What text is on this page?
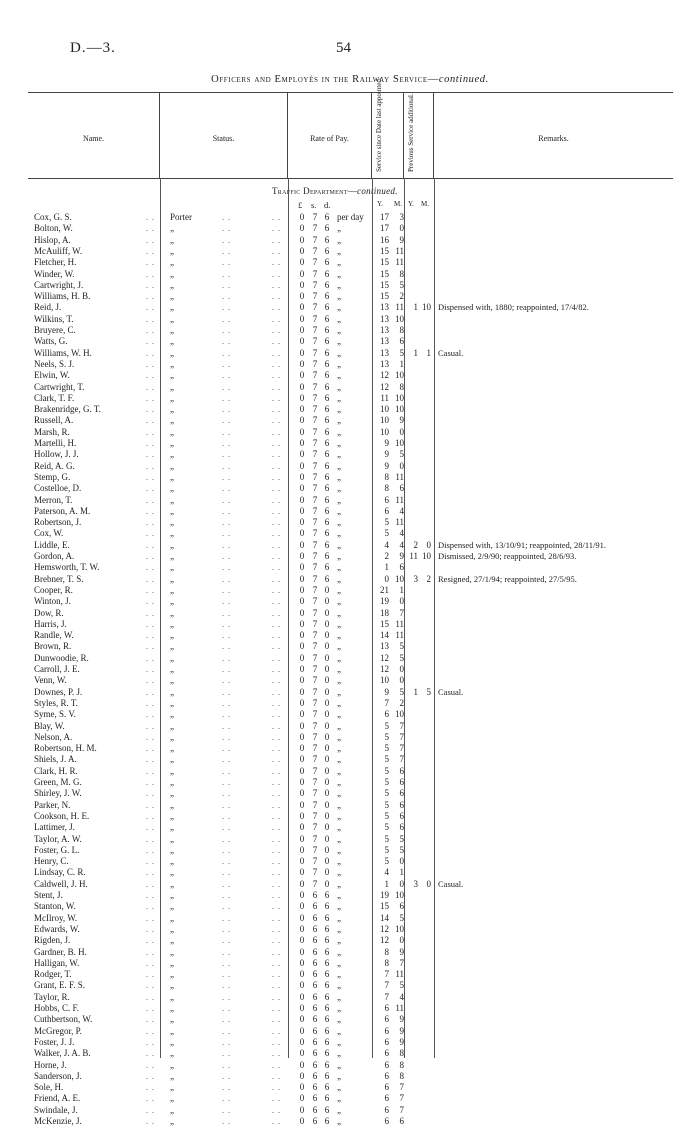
D.—3.	54
Officers and Employés in the Railway Service—continued.
Name.	Status.	Rate of Pay.	Service since Date last appointed.	Previous Service additional.	Remarks.
Traffic Department—continued.
£ s. d.	Y. M. Y. M.
Cox, G. S.	. . Porter	. .	. . 0 7 6 per day	17	3
Bolton, W.	. . „	. .	. . 0 7 6 „	17	0
Hislop, A.	. . „	. .	. . 0 7 6 „	16	9
McAuliff, W.	. . „	. .	. . 0 7 6 „	15 11
Fletcher, H.	. . „	. .	. . 0 7 6 „	15 11
Winder, W.	. . „	. .	. . 0 7 6 „	15	8
Cartwright, J.	. . „	. .	. . 0 7 6 „	15	5
Williams, H. B.	. . „	. .	. . 0 7 6 „	15	2
Reid, J.	. . „	. .	. . 0 7 6 „	13 11	1 10 Dispensed with, 1880; reappointed, 17/4/82.
Wilkins, T.	. . „	. .	. . 0 7 6 „	13 10
Bruyere, C.	. . „	. .	. . 0 7 6 „	13	8
Watts, G.	. . „	. .	. . 0 7 6 „	13	6
Williams, W. H.	. . „	. .	. . 0 7 6 „	13	5	1 1 Casual.
Neels, S. J.	. . „	. .	. . 0 7 6 „	13	1
Elwin, W.	. . „	. .	. . 0 7 6 „	12 10
Cartwright, T.	. . „	. .	. . 0 7 6 „	12	8
Clark, T. F.	. . „	. .	. . 0 7 6 „	11 10
Brakenridge, G. T.	. . „	. .	. . 0 7 6 „	10 10
Russell, A.	. . „	. .	. . 0 7 6 „	10	9
Marsh, R.	. . „	. .	. . 0 7 6 „	10	0
Martelli, H.	. . „	. .	. . 0 7 6 „	9 10
Hollow, J. J.	. . „	. .	. . 0 7 6 „	9	5
Reid, A. G.	. . „	. .	. . 0 7 6 „	9	0
Stemp, G.	. . „	. .	. . 0 7 6 „	8 11
Costelloe, D.	. . „	. .	. . 0 7 6 „	8	6
Merron, T.	. . „	. .	. . 0 7 6 „	6 11
Paterson, A. M.	. . „	. .	. . 0 7 6 „	6	4
Robertson, J.	. . „	. .	. . 0 7 6 „	5 11
Cox, W.	. . „	. .	. . 0 7 6 „	5	4
Liddle, E.	. . „	. .	. . 0 7 6 „	4	4	2 0 Dispensed with, 13/10/91; reappointed, 28/11/91.
Gordon, A.	. . „	. .	. . 0 7 6 „	2	9 11 10 Dismissed, 2/9/90; reappointed, 28/6/93.
Hemsworth, T. W.	. . „	. .	. . 0 7 6 „	1	6
Brebner, T. S.	. . „	. .	. . 0 7 6 „	0 10	3 2 Resigned, 27/1/94; reappointed, 27/5/95.
Cooper, R.	. . „	. .	. . 0 7 0 „	21	1
Winton, J.	. . „	. .	. . 0 7 0 „	19	0
Dow, R.	. . „	. .	. . 0 7 0 „	18	7
Harris, J.	. . „	. .	. . 0 7 0 „	15 11
Randle, W.	. . „	. .	. . 0 7 0 „	14 11
Brown, R.	. . „	. .	. . 0 7 0 „	13	5
Dunwoodie, R.	. . „	. .	. . 0 7 0 „	12	5
Carroll, J. E.	. . „	. .	. . 0 7 0 „	12	0
Venn, W.	. . „	. .	. . 0 7 0 „	10	0
Downes, P. J.	. . „	. .	. . 0 7 0 „	9	5	1 5 Casual.
Styles, R. T.	. . „	. .	. . 0 7 0 „	7	2
Syme, S. V.	. . „	. .	. . 0 7 0 „	6 10
Blay, W.	. . „	. .	. . 0 7 0 „	5	7
Nelson, A.	. . „	. .	. . 0 7 0 „	5	7
Robertson, H. M.	. . „	. .	. . 0 7 0 „	5	7
Shiels, J. A.	. . „	. .	. . 0 7 0 „	5	7
Clark, H. R.	. . „	. .	. . 0 7 0 „	5	6
Green, M. G.	. . „	. .	. . 0 7 0 „	5	6
Shirley, J. W.	. . „	. .	. . 0 7 0 „	5	6
Parker, N.	. . „	. .	. . 0 7 0 „	5	6
Cookson, H. E.	. . „	. .	. . 0 7 0 „	5	6
Lattimer, J.	. . „	. .	. . 0 7 0 „	5	6
Taylor, A. W.	. . „	. .	. . 0 7 0 „	5	5
Foster, G. L.	. . „	. .	. . 0 7 0 „	5	5
Henry, C.	. . „	. .	. . 0 7 0 „	5	0
Lindsay, C. R.	. . „	. .	. . 0 7 0 „	4	1
Caldwell, J. H.	. . „	. .	. . 0 7 0 „	1	0	3 0 Casual.
Stent, J.	. . „	. .	. . 0 6 6 „	19 10
Stanton, W.	. . „	. .	. . 0 6 6 „	15	6
McIlroy, W.	. . „	. .	. . 0 6 6 „	14	5
Edwards, W.	. . „	. .	. . 0 6 6 „	12 10
Rigden, J.	. . „	. .	. . 0 6 6 „	12	0
Gardner, B. H.	. . „	. .	. . 0 6 6 „	8	9
Halligan, W.	. . „	. .	. . 0 6 6 „	8	7
Rodger, T.	. . „	. .	. . 0 6 6 „	7 11
Grant, E. F. S.	. . „	. .	. . 0 6 6 „	7	5
Taylor, R.	. . „	. .	. . 0 6 6 „	7	4
Hobbs, C. F.	. . „	. .	. . 0 6 6 „	6 11
Cuthbertson, W.	. . „	. .	. . 0 6 6 „	6	9
McGregor, P.	. . „	. .	. . 0 6 6 „	6	9
Foster, J. J.	. . „	. .	. . 0 6 6 „	6	9
Walker, J. A. B.	. . „	. .	. . 0 6 6 „	6	8
Horne, J.	. . „	. .	. . 0 6 6 „	6	8
Sanderson, J.	. . „	. .	. . 0 6 6 „	6	8
Sole, H.	. . „	. .	. . 0 6 6 „	6	7
Friend, A. E.	. . „	. .	. . 0 6 6 „	6	7
Swindale, J.	. . „	. .	. . 0 6 6 „	6	7
McKenzie, J.	. . „	. .	. . 0 6 6 „	6	6
